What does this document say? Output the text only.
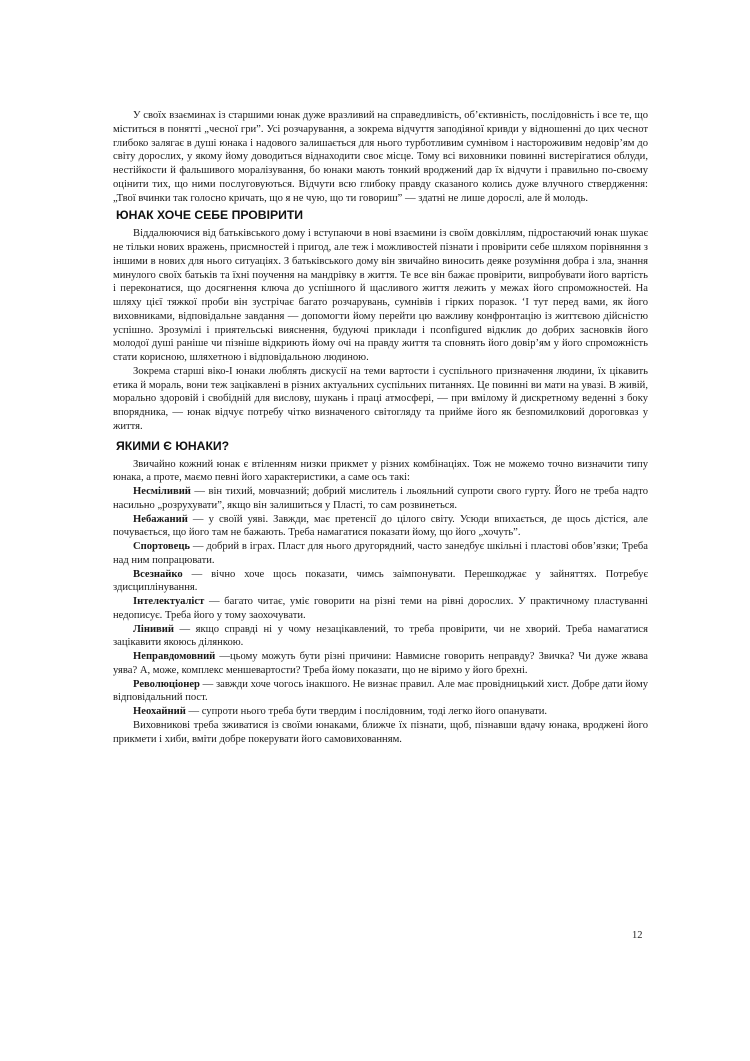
У своїх взаєминах із старшими юнак дуже вразливий на справедливість, об’єктивність, послідовність і все те, що міститься в понятті „чесної гри”. Усі розчарування, а зокрема відчуття заподіяної кривди у відношенні до цих чеснот глибоко залягає в душі юнака і надового залишається для нього турботливим сумнівом і настороживим недовір’ям до світу дорослих, у якому йому доводиться віднаходити своє місце. Тому всі виховники повинні вистерігатися облуди, нестійкости й фальшивого моралізування, бо юнаки мають тонкий вроджений дар їх відчути і правильно по-своєму оцінити тих, що ними послуговуються. Відчути всю глибоку правду сказаного колись дуже влучного ствердження: „Твої вчинки так голосно кричать, що я не чую, що ти говориш” — здатні не лише дорослі, але й молодь.

ЮНАК ХОЧЕ СЕБЕ ПРОВІРИТИ

Віддалюючися від батьківського дому і вступаючи в нові взаємини із своїм довкіллям, підростаючий юнак шукає не тільки нових вражень, присмностей і пригод, але теж і можливостей пізнати і провірити себе шляхом порівняння з іншими в нових для нього ситуаціях. З батьківського дому він звичайно виносить деяке розуміння добра і зла, знання минулого своїх батьків та їхні поучення на мандрівку в життя. Те все він бажає провірити, випробувати його вартість і переконатися, що досягнення ключа до успішного й щасливого життя лежить у межах його спроможностей. На шляху цієї тяжкої проби він зустрічає багато розчарувань, сумнівів і гірких поразок. ‘І тут перед вами, як його виховниками, відповідальне завдання — допомогти йому перейти цю важливу конфронтацію із життєвою дійсністю успішно. Зрозумілі і приятельські вияснення, будуючі приклади і пconfigured відклик до добрих засновків його молодої душі раніше чи пізніше відкриють йому очі на правду життя та сповнять його довір’ям у його спроможність стати корисною, шляхетною і відповідальною людиною.

Зокрема старші віко-І юнаки люблять дискусії на теми вартости і суспільного призначення людини, їх цікавить етика й мораль, вони теж зацікавлені в різних актуальних суспільних питаннях. Це повинні ви мати на увазі. В живій, морально здоровій і свобідній для вислову, шукань і праці атмосфері, — при вмілому й дискретному веденні з боку впорядника, — юнак відчує потребу чітко визначеного світогляду та прийме його як безпомилковий дороговказ у життя.

ЯКИМИ Є ЮНАКИ?

Звичайно кожний юнак є втіленням низки прикмет у різних комбінаціях. Тож не можемо точно визначити типу юнака, а проте, маємо певні його характеристики, а саме ось такі:

Несміливий — він тихий, мовчазний; добрий мислитель і льояльний супроти свого гурту. Його не треба надто насильно „розрухувати”, якщо він залишиться у Пласті, то сам розвинеться.

Небажаний — у своїй уяві. Завжди, має претенсії до цілого світу. Усюди впихається, де щось дістіся, але почувається, що його там не бажають. Треба намагатися показати йому, що його „хочуть”.

Спортовець — добрий в іграх. Пласт для нього другорядний, часто занедбує шкільні і пластові обов’язки; Треба над ним попрацювати.

Всезнайко — вічно хоче щось показати, чимсь заімпонувати. Перешкоджає у зайняттях. Потребує здисциплінування.

Інтелектуаліст — багато читає, уміє говорити на різні теми на рівні дорослих. У практичному пластуванні недописує. Треба його у тому заохочувати.

Лінивий — якщо справді ні у чому незацікавлений, то треба провірити, чи не хворий. Треба намагатися зацікавити якоюсь ділянкою.

Неправдомовний —цьому можуть бути різні причини: Навмисне говорить неправду? Звичка? Чи дуже жвава уява? А, може, комплекс меншевартости? Треба йому показати, що не віримо у його брехні.

Революціонер — завжди хоче чогось інакшого. Не визнає правил. Але має провідницький хист. Добре дати йому відповідальний пост.

Неохайний — супроти нього треба бути твердим і послідовним, тоді легко його опанувати.

Виховникові треба зживатися із своїми юнаками, ближче їх пізнати, щоб, пізнавши вдачу юнака, вроджені його прикмети і хиби, вміти добре покерувати його самовихованням.

12
